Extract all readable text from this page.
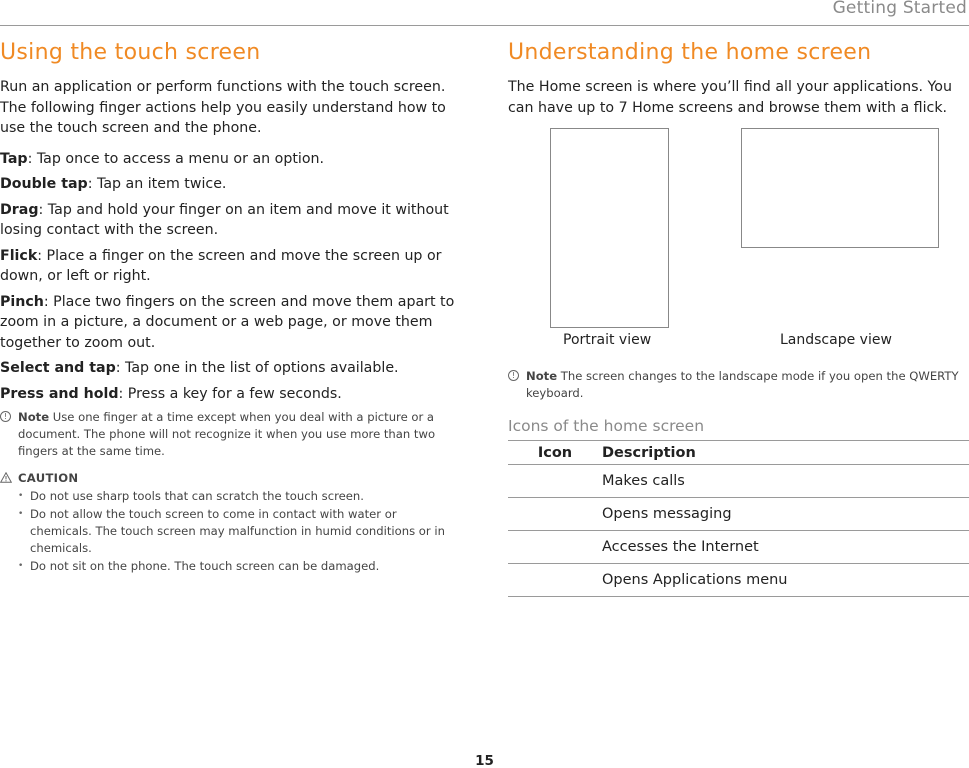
Getting Started
Using the touch screen

Run an application or perform functions with the touch screen. The following finger actions help you easily understand how to use the touch screen and the phone.

Tap: Tap once to access a menu or an option.

Double tap: Tap an item twice.

Drag: Tap and hold your finger on an item and move it without losing contact with the screen.

Flick: Place a finger on the screen and move the screen up or down, or left or right.

Pinch: Place two fingers on the screen and move them apart to zoom in a picture, a document or a web page, or move them together to zoom out.

Select and tap: Tap one in the list of options available.

Press and hold: Press a key for a few seconds.

! Note Use one finger at a time except when you deal with a picture or a document. The phone will not recognize it when you use more than two fingers at the same time.
CAUTION
• Do not use sharp tools that can scratch the touch screen.
• Do not allow the touch screen to come in contact with water or chemicals. The touch screen may malfunction in humid conditions or in chemicals.
• Do not sit on the phone. The touch screen can be damaged.
Understanding the home screen

The Home screen is where you’ll find all your applications. You can have up to 7 Home screens and browse them with a flick.

Portrait view	Landscape view
! Note The screen changes to the landscape mode if you open the QWERTY keyboard.
Icons of the home screen
Icon	Description
	Makes calls
	Opens messaging
	Accesses the Internet
	Opens Applications menu
15
